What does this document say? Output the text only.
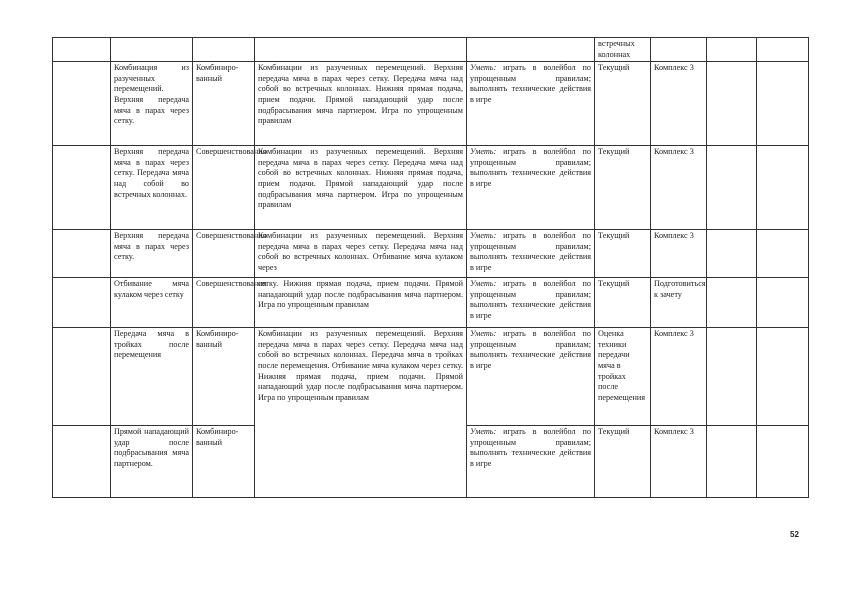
					встречных колоннах			
	Комбинация из разученных перемещений. Верхняя передача мяча в парах через сетку.	Комбиниро-ванный	Комбинации из разученных перемещений. Верхняя передача мяча в парах через сетку. Передача мяча над собой во встречных колоннах. Нижняя прямая подача, прием подачи. Прямой нападающий удар после подбрасывания мяча партнером. Игра по упрощенным правилам	Уметь: играть в волейбол по упрощенным правилам; выполнять технические действия в игре	Текущий	Комплекс 3		
	Верхняя передача мяча в парах через сетку. Передача мяча над собой во встречных колоннах.	Совершенствования	Комбинации из разученных перемещений. Верхняя передача мяча в парах через сетку. Передача мяча над собой во встречных колоннах. Нижняя прямая подача, прием подачи. Прямой нападающий удар после подбрасывания мяча партнером. Игра по упрощенным правилам	Уметь: играть в волейбол по упрощенным правилам; выполнять технические действия в игре	Текущий	Комплекс 3		
	Верхняя передача мяча в парах через сетку.	Совершенствования	Комбинации из разученных перемещений. Верхняя передача мяча в парах через сетку. Передача мяча над собой во встречных колоннах. Отбивание мяча кулаком через	Уметь: играть в волейбол по упрощенным правилам; выполнять технические действия в игре	Текущий	Комплекс 3		
	Отбивание мяча кулаком через сетку	Совершенствования	сетку. Нижняя прямая подача, прием подачи. Прямой нападающий удар после подбрасывания мяча партнером. Игра по упрощенным правилам	Уметь: играть в волейбол по упрощенным правилам; выполнять технические действия в игре	Текущий	Подготовиться к зачету		
	Передача мяча в тройках после перемещения	Комбиниро-ванный	Комбинации из разученных перемещений. Верхняя передача мяча в парах через сетку. Передача мяча над собой во встречных колоннах. Передача мяча в тройках после перемещения. Отбивание мяча кулаком через сетку. Нижняя прямая подача, прием подачи. Прямой нападающий удар после подбрасывания мяча партнером. Игра по упрощенным правилам	Уметь: играть в волейбол по упрощенным правилам; выполнять технические действия в игре	Оценка техники передачи мяча в тройках после перемещения	Комплекс 3		
	Прямой нападающий удар после подбрасывания мяча партнером.	Комбиниро-ванный		Уметь: играть в волейбол по упрощенным правилам; выполнять технические действия в игре	Текущий	Комплекс 3		
52
